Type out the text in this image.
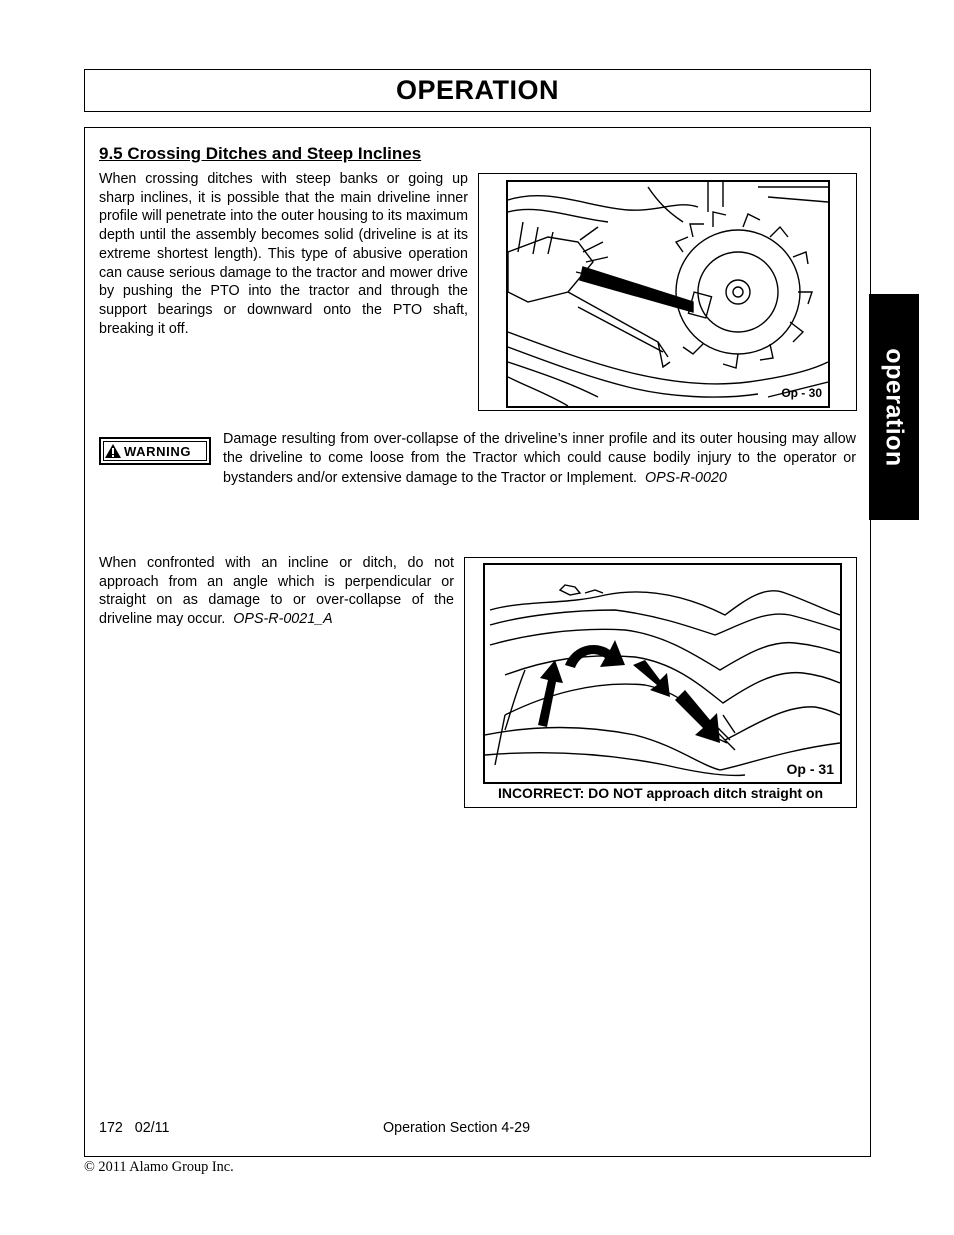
OPERATION
operation
9.5 Crossing Ditches and Steep Inclines
When crossing ditches with steep banks or going up sharp inclines, it is possible that the main driveline inner profile will penetrate into the outer housing to its maximum depth until the assembly becomes solid (driveline is at its extreme shortest length). This type of abusive operation can cause serious damage to the tractor and mower drive by pushing the PTO into the tractor and through the support bearings or downward onto the PTO shaft, breaking it off.
Op - 30
WARNING
Damage resulting from over-collapse of the driveline’s inner profile and its outer housing may allow the driveline to come loose from the Tractor which could cause bodily injury to the operator or bystanders and/or extensive damage to the Tractor or Implement. OPS-R-0020
When confronted with an incline or ditch, do not approach from an angle which is perpendicular or straight on as damage to or over-collapse of the driveline may occur. OPS-R-0021_A
Op - 31
INCORRECT: DO NOT approach ditch straight on
172 02/11	Operation Section 4-29
© 2011 Alamo Group Inc.
